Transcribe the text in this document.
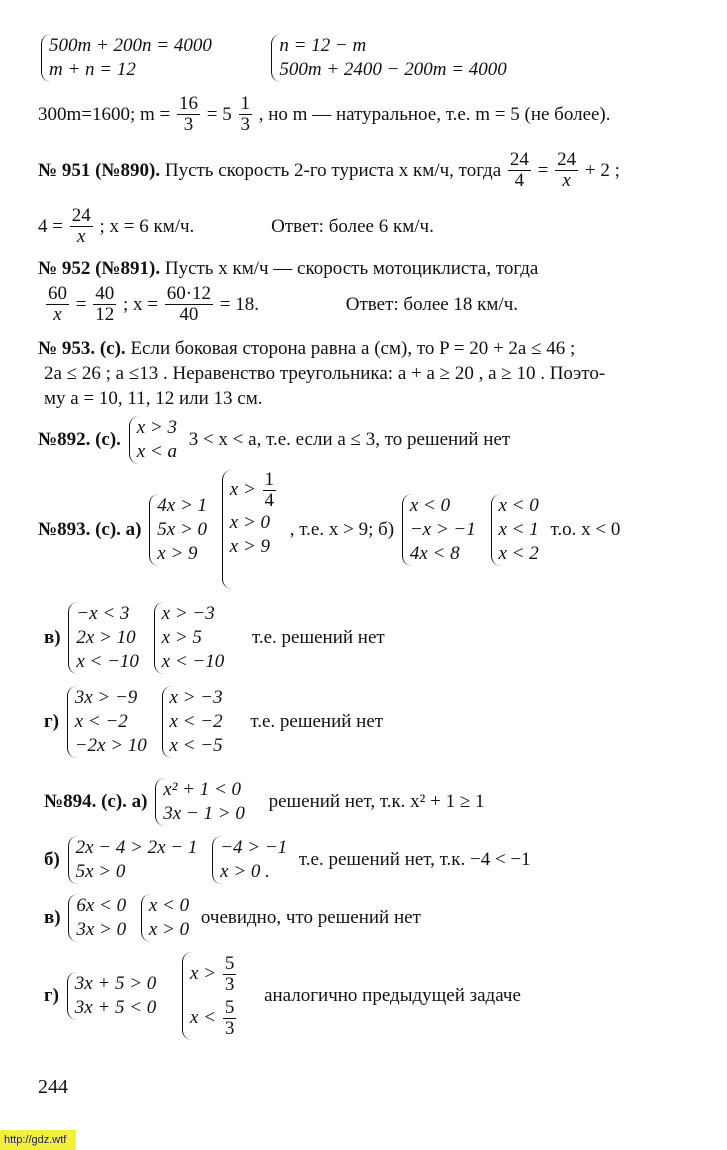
500m + 200n = 4000
m + n = 12

n = 12 − m
500m + 2400 − 200m = 4000
300m=1600; $m = \frac{16}{3} = 5 \frac{1}{3}$ , но m — натуральное, т.е. m = 5 (не более).
№ 951 (№890). Пусть скорость 2-го туриста x км/ч, тогда $\frac{24}{4} = \frac{24}{x} + 2$ ;
$4 = \frac{24}{x}$ ; x = 6 км/ч.	Ответ: более 6 км/ч.
№ 952 (№891). Пусть x км/ч — скорость мотоциклиста, тогда
$\frac{60}{x} = \frac{40}{12}$ ; $x = \frac{60\cdot 12}{40} = 18$.	Ответ: более 18 км/ч.
№ 953. (с). Если боковая сторона равна a (см), то P = 20 + 2a ≤ 46 ;
2a ≤ 26 ; a ≤13 . Неравенство треугольника: a + a ≥ 20 , a ≥ 10 . Поэто-
му a = 10, 11, 12 или 13 см.
№892. (с).
x > 3
x < a
3 < x < a, т.е. если a ≤ 3, то решений нет
№893. (с). а)
4x > 1
5x > 0
x > 9

$x > \frac{1}{4}$
x > 0
x > 9
, т.е. x > 9; б)
x < 0
−x > −1
4x < 8

x < 0
x < 1
x < 2
т.о. x < 0
в)
−x < 3
2x > 10
x < −10

x > −3
x > 5
x < −10
т.е. решений нет
г)
3x > −9
x < −2
−2x > 10

x > −3
x < −2
x < −5
т.е. решений нет
№894. (с). а)
x² + 1 < 0
3x − 1 > 0
решений нет, т.к. x² + 1 ≥ 1
б)
2x − 4 > 2x − 1
5x > 0

−4 > −1
x > 0 .
т.е. решений нет, т.к. −4 < −1
в)
6x < 0
3x > 0

x < 0
x > 0
очевидно, что решений нет
г)
3x + 5 > 0
3x + 5 < 0

$x > \frac{5}{3}$
$x < \frac{5}{3}$
аналогично предыдущей задаче
244
http://gdz.wtf
